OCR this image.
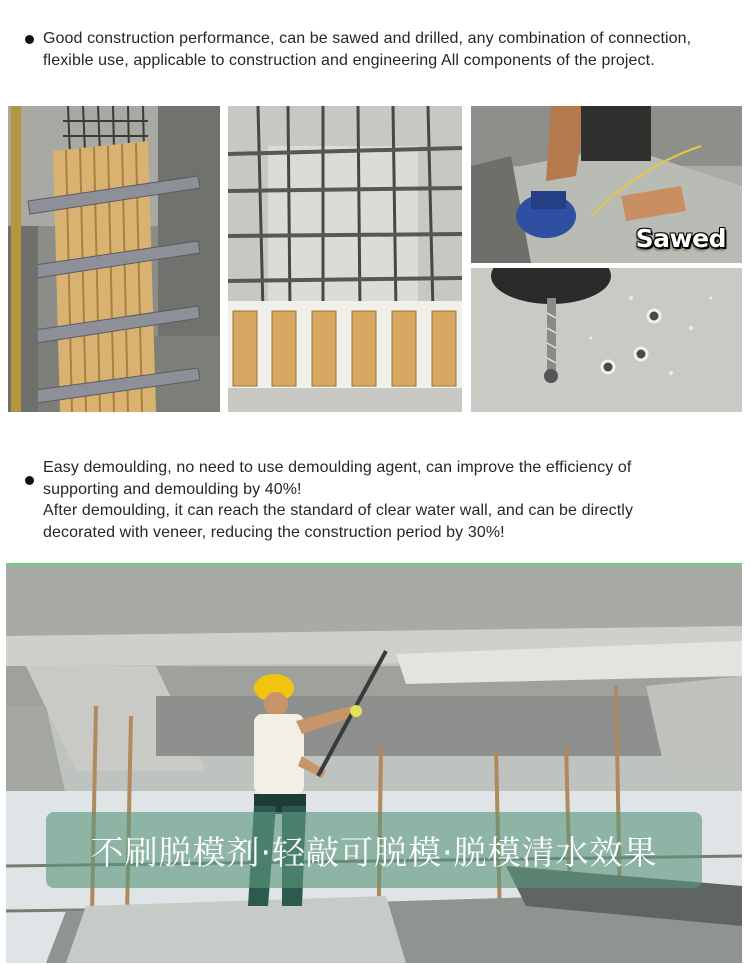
Good construction performance, can be sawed and drilled, any combination of connection,
flexible use, applicable to construction and engineering All components of the project.
Sawed
Easy demoulding, no need to use demoulding agent, can improve the efficiency of
supporting and demoulding by 40%!
After demoulding, it can reach the standard of clear water wall, and can be directly
decorated with veneer, reducing the construction period by 30%!
不刷脱模剂·轻敲可脱模·脱模清水效果
